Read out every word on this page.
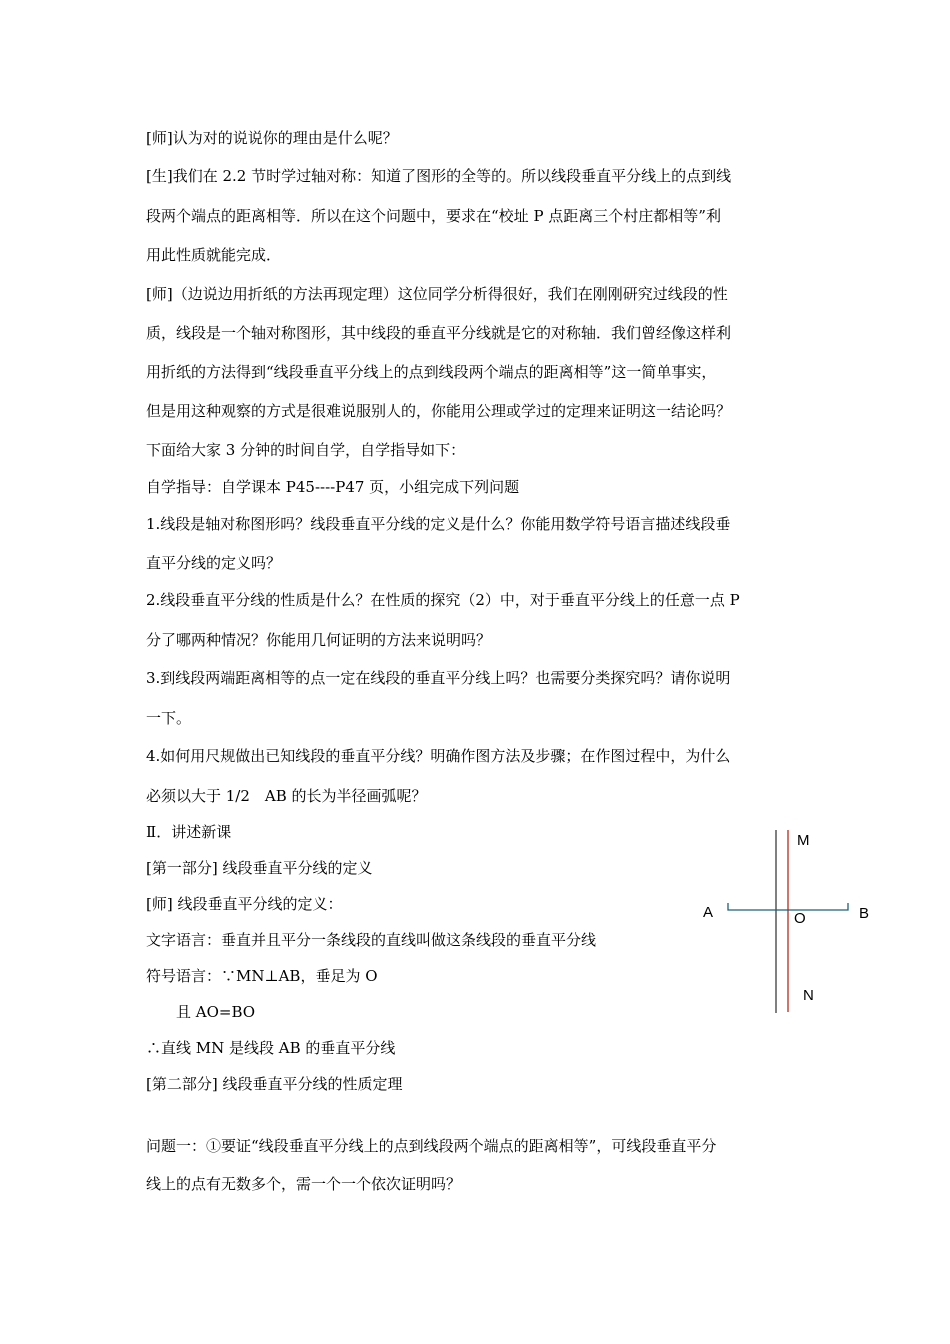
[师]认为对的说说你的理由是什么呢？
[生]我们在 2.2 节时学过轴对称：知道了图形的全等的。所以线段垂直平分线上的点到线
段两个端点的距离相等．所以在这个问题中，要求在“校址 P 点距离三个村庄都相等”利
用此性质就能完成．
[师]（边说边用折纸的方法再现定理）这位同学分析得很好，我们在刚刚研究过线段的性
质，线段是一个轴对称图形，其中线段的垂直平分线就是它的对称轴．我们曾经像这样利
用折纸的方法得到“线段垂直平分线上的点到线段两个端点的距离相等”这一简单事实，
但是用这种观察的方式是很难说服别人的，你能用公理或学过的定理来证明这一结论吗？
下面给大家 3 分钟的时间自学，自学指导如下：
自学指导：自学课本 P45----P47 页，小组完成下列问题
1.线段是轴对称图形吗？线段垂直平分线的定义是什么？你能用数学符号语言描述线段垂
直平分线的定义吗？
2.线段垂直平分线的性质是什么？在性质的探究（2）中，对于垂直平分线上的任意一点 P
分了哪两种情况？你能用几何证明的方法来说明吗？
3.到线段两端距离相等的点一定在线段的垂直平分线上吗？也需要分类探究吗？请你说明
一下。
4.如何用尺规做出已知线段的垂直平分线？明确作图方法及步骤；在作图过程中，为什么
必须以大于 1/2　AB 的长为半径画弧呢？
Ⅱ．讲述新课
[第一部分] 线段垂直平分线的定义
[师] 线段垂直平分线的定义：
文字语言：垂直并且平分一条线段的直线叫做这条线段的垂直平分线
符号语言：∵MN⊥AB，垂足为 O
　　且 AO=BO
∴直线 MN 是线段 AB 的垂直平分线
[第二部分] 线段垂直平分线的性质定理
问题一：①要证“线段垂直平分线上的点到线段两个端点的距离相等”，可线段垂直平分
线上的点有无数多个，需一个一个依次证明吗？
M
N
A	B
O
